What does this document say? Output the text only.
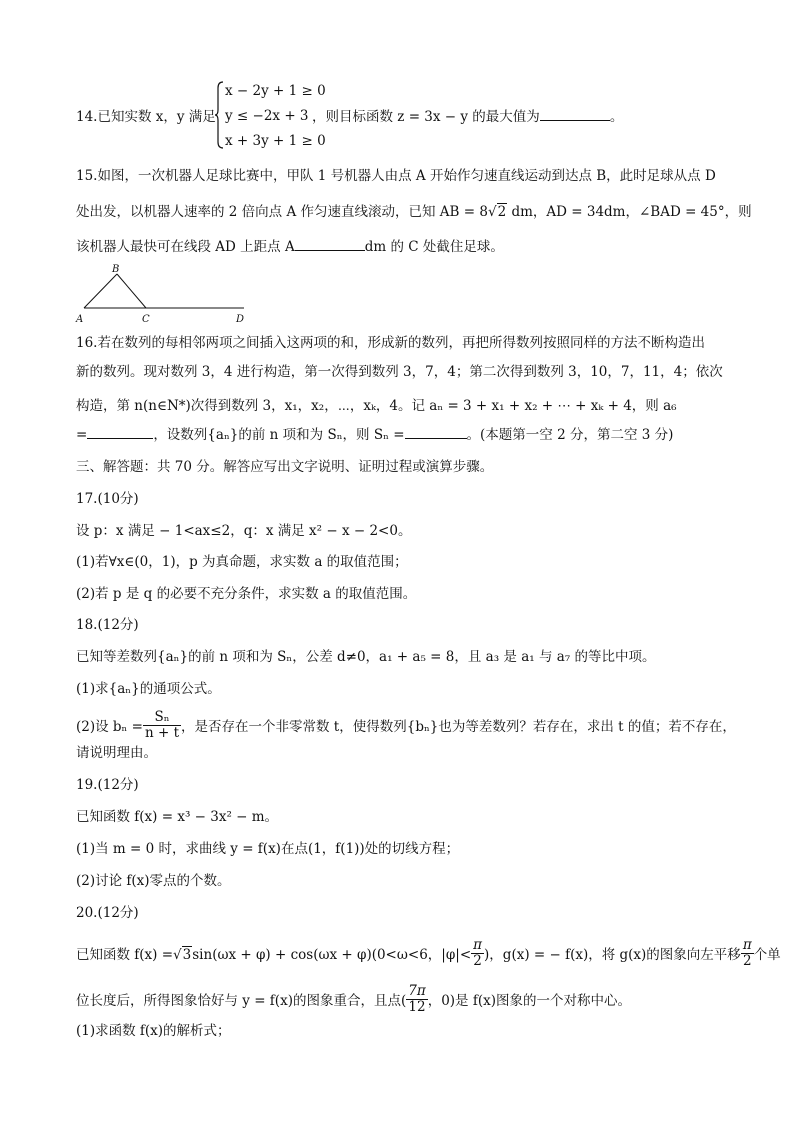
14.已知实数 x，y 满足
x − 2y + 1 ≥ 0
y ≤ −2x + 3
x + 3y + 1 ≥ 0
，则目标函数 z = 3x − y 的最大值为	。
15.如图，一次机器人足球比赛中，甲队 1 号机器人由点 A 开始作匀速直线运动到达点 B，此时足球从点 D
处出发，以机器人速率的 2 倍向点 A 作匀速直线滚动，已知 AB = 8√2 dm，AD = 34dm，∠BAD = 45°，则
该机器人最快可在线段 AD 上距点 A	dm 的 C 处截住足球。
B
A	C	D
16.若在数列的每相邻两项之间插入这两项的和，形成新的数列，再把所得数列按照同样的方法不断构造出
新的数列。现对数列 3，4 进行构造，第一次得到数列 3，7，4；第二次得到数列 3，10，7，11，4；依次
构造，第 n(n∈N*)次得到数列 3，x₁，x₂，⋯，xₖ，4。记 aₙ = 3 + x₁ + x₂ + ⋯ + xₖ + 4，则 a₆
=	，设数列{aₙ}的前 n 项和为 Sₙ，则 Sₙ =	。(本题第一空 2 分，第二空 3 分)
三、解答题：共 70 分。解答应写出文字说明、证明过程或演算步骤。
17.(10分)
设 p：x 满足 − 1<ax≤2，q：x 满足 x² − x − 2<0。
(1)若∀x∈(0，1)，p 为真命题，求实数 a 的取值范围；
(2)若 p 是 q 的必要不充分条件，求实数 a 的取值范围。
18.(12分)
已知等差数列{aₙ}的前 n 项和为 Sₙ，公差 d≠0，a₁ + a₅ = 8，且 a₃ 是 a₁ 与 a₇ 的等比中项。
(1)求{aₙ}的通项公式。
(2)设 $b_n = \frac{\text{Sₙ}}{n + t}$ ，是否存在一个非零常数 t，使得数列{bₙ}也为等差数列？若存在，求出 t 的值；若不存在，
请说明理由。
19.(12分)
已知函数 f(x) = x³ − 3x² − m。
(1)当 m = 0 时，求曲线 y = f(x)在点(1，f(1))处的切线方程；
(2)讨论 f(x)零点的个数。
20.(12分)
已知函数 f(x) =√3sin(ωx + φ) + cos(ωx + φ)(0<ω<6，$|\varphi|< \frac{\pi}{2}$ )，g(x) = − f(x)，将 g(x)的图象向左平移 $\frac{\pi}{2}$ 个单
位长度后，所得图象恰好与 y = f(x)的图象重合，且点( $\frac{7\pi}{12}$ ，0)是 f(x)图象的一个对称中心。
(1)求函数 f(x)的解析式；
